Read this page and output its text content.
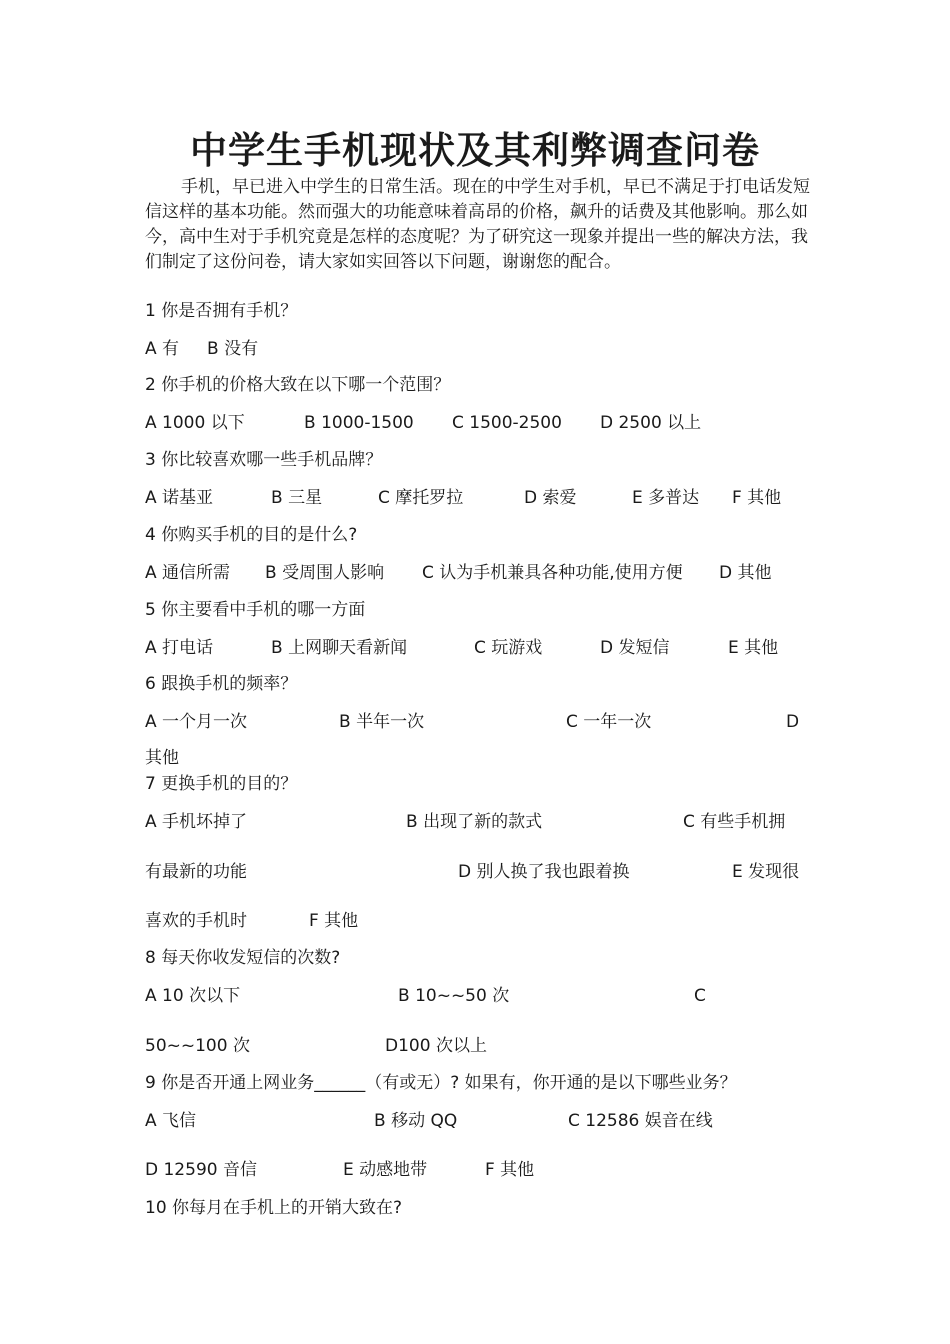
中学生手机现状及其利弊调查问卷
手机，早已进入中学生的日常生活。现在的中学生对手机，早已不满足于打电话发短信这样的基本功能。然而强大的功能意味着高昂的价格，飙升的话费及其他影响。那么如今，高中生对于手机究竟是怎样的态度呢？为了研究这一现象并提出一些的解决方法，我们制定了这份问卷，请大家如实回答以下问题，谢谢您的配合。
1 你是否拥有手机？
A 有 B 没有
2 你手机的价格大致在以下哪一个范围？
A 1000 以下	B 1000-1500 C 1500-2500 D 2500 以上
3 你比较喜欢哪一些手机品牌？
A 诺基亚	B 三星	C 摩托罗拉	D 索爱	E 多普达 F 其他
4 你购买手机的目的是什么?
A 通信所需 B 受周围人影响 C 认为手机兼具各种功能,使用方便 D 其他
5 你主要看中手机的哪一方面
A 打电话	B 上网聊天看新闻	C 玩游戏	D 发短信	E 其他
6 跟换手机的频率？
A 一个月一次	B 半年一次	C 一年一次	D
其他
7 更换手机的目的？
A 手机坏掉了	B 出现了新的款式	C 有些手机拥
有最新的功能	D 别人换了我也跟着换	E 发现很
喜欢的手机时	F 其他
8 每天你收发短信的次数?
A 10 次以下	B 10~~50 次	C
50~~100 次	D100 次以上
9 你是否开通上网业务______（有或无）? 如果有，你开通的是以下哪些业务？
A 飞信	B 移动 QQ	C 12586 娱音在线
D 12590 音信	E 动感地带	F 其他
10 你每月在手机上的开销大致在?
